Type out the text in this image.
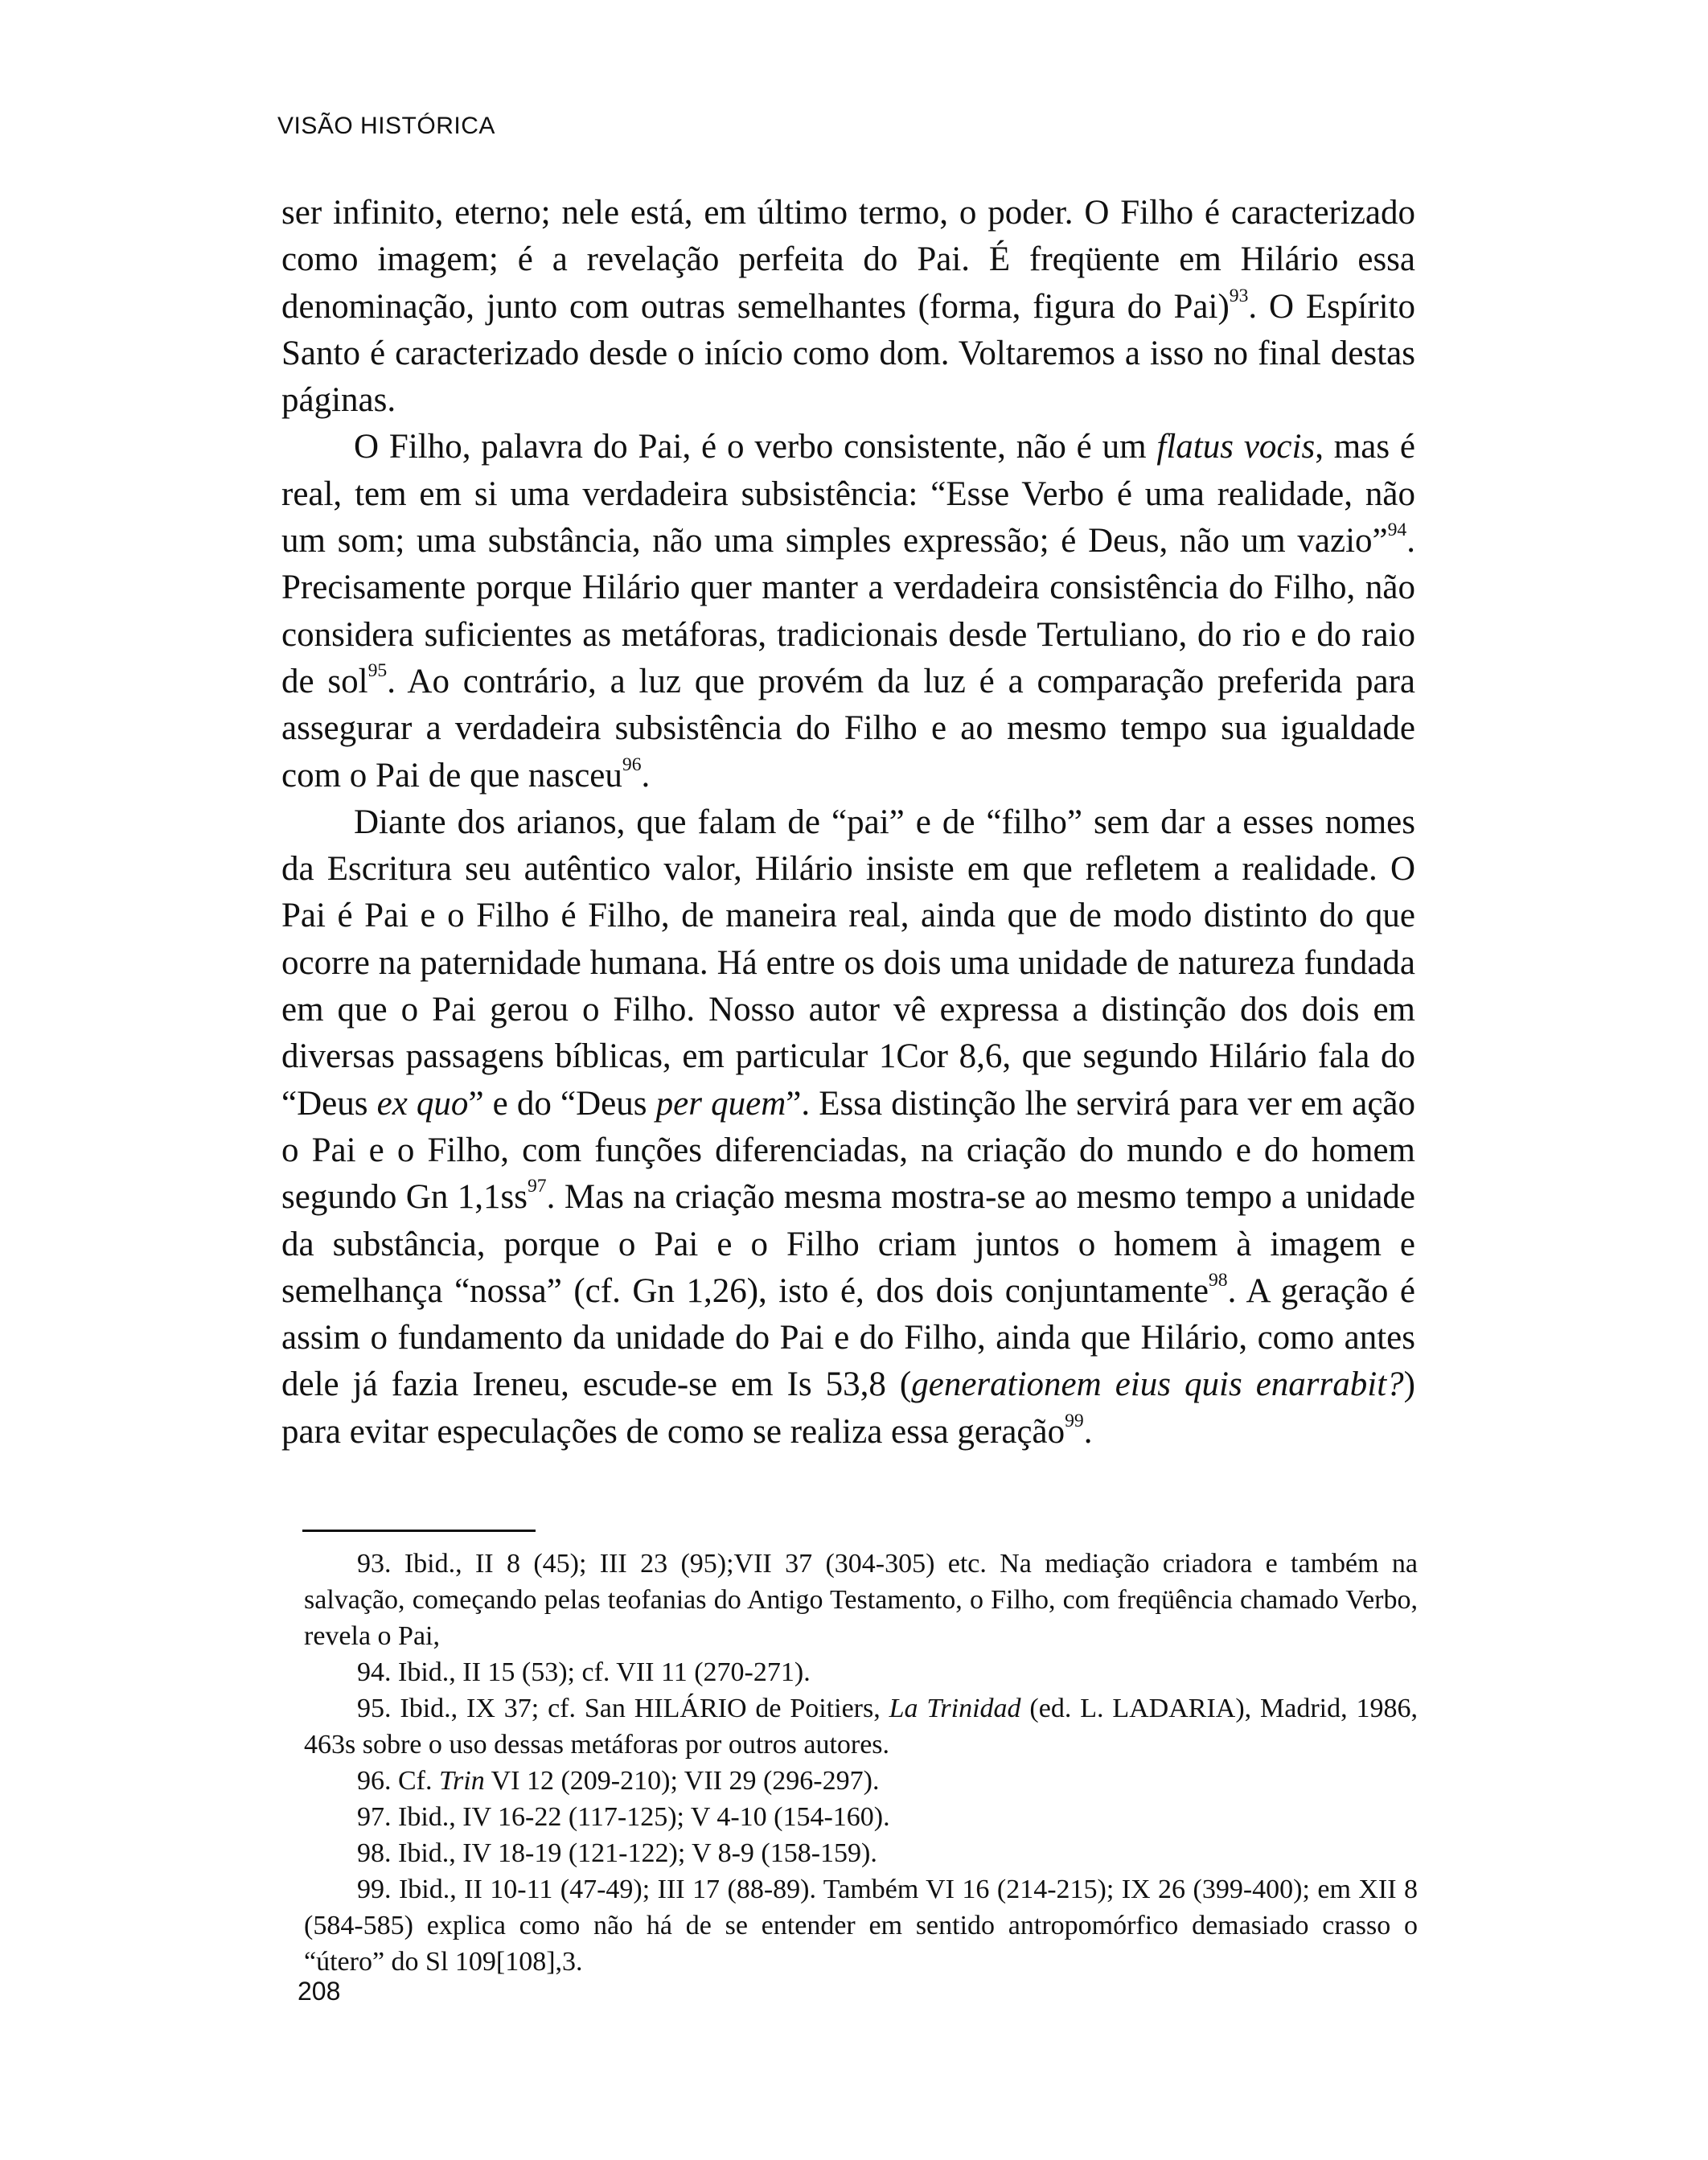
VISÃO HISTÓRICA

ser infinito, eterno; nele está, em último termo, o poder. O Filho é caracterizado como imagem; é a revelação perfeita do Pai. É freqüente em Hilário essa denominação, junto com outras semelhantes (forma, figura do Pai)$^{93}$. O Espírito Santo é caracterizado desde o início como dom. Voltaremos a isso no final destas páginas.

O Filho, palavra do Pai, é o verbo consistente, não é um flatus vocis, mas é real, tem em si uma verdadeira subsistência: “Esse Verbo é uma realidade, não um som; uma substância, não uma simples expressão; é Deus, não um vazio”$^{94}$. Precisamente porque Hilário quer manter a verdadeira consistência do Filho, não considera suficientes as metáforas, tradicionais desde Tertuliano, do rio e do raio de sol$^{95}$. Ao contrário, a luz que provém da luz é a comparação preferida para assegurar a verdadeira subsistência do Filho e ao mesmo tempo sua igualdade com o Pai de que nasceu$^{96}$.

Diante dos arianos, que falam de “pai” e de “filho” sem dar a esses nomes da Escritura seu autêntico valor, Hilário insiste em que refletem a realidade. O Pai é Pai e o Filho é Filho, de maneira real, ainda que de modo distinto do que ocorre na paternidade humana. Há entre os dois uma unidade de natureza fundada em que o Pai gerou o Filho. Nosso autor vê expressa a distinção dos dois em diversas passagens bíblicas, em particular 1Cor 8,6, que segundo Hilário fala do “Deus ex quo” e do “Deus per quem”. Essa distinção lhe servirá para ver em ação o Pai e o Filho, com funções diferenciadas, na criação do mundo e do homem segundo Gn $1,1ss^{97}$. Mas na criação mesma mostra-se ao mesmo tempo a unidade da substância, porque o Pai e o Filho criam juntos o homem à imagem e semelhança “nossa” (cf. Gn 1,26), isto é, dos dois conjuntamente$^{98}$. A geração é assim o fundamento da unidade do Pai e do Filho, ainda que Hilário, como antes dele já fazia Ireneu, escude-se em Is 53,8 (generationem eius quis enarrabit?) para evitar especulações de como se realiza essa geração$^{99}$.

93. Ibid., II 8 (45); III 23 (95);VII 37 (304-305) etc. Na mediação criadora e também na salvação, começando pelas teofanias do Antigo Testamento, o Filho, com freqüência chamado Verbo, revela o Pai,

94. Ibid., II 15 (53); cf. VII 11 (270-271).

95. Ibid., IX 37; cf. San HILÁRIO de Poitiers, La Trinidad (ed. L. LADARIA), Madrid, 1986, 463s sobre o uso dessas metáforas por outros autores.

96. Cf. Trin VI 12 (209-210); VII 29 (296-297).

97. Ibid., IV 16-22 (117-125); V 4-10 (154-160).

98. Ibid., IV 18-19 (121-122); V 8-9 (158-159).

99. Ibid., II 10-11 (47-49); III 17 (88-89). Também VI 16 (214-215); IX 26 (399-400); em XII 8 (584-585) explica como não há de se entender em sentido antropomórfico demasiado crasso o “útero” do Sl 109[108],3.

208
